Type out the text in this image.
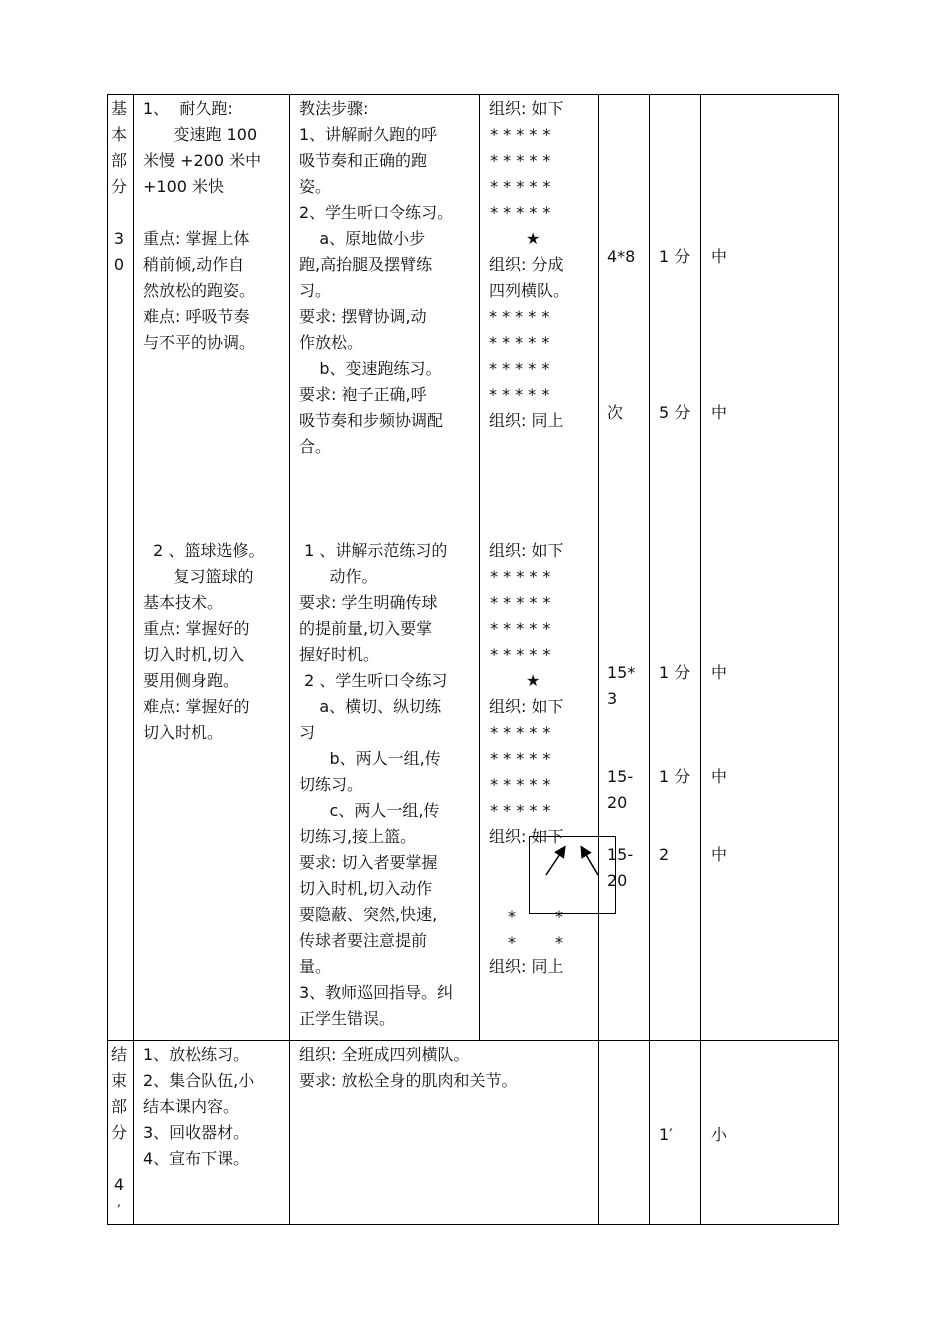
基
本
部
分

3
0
结
束
部
分

4
′
1、  耐久跑:
变速跑 100
米慢 +200 米中
+100 米快
重点: 掌握上体
稍前倾,动作自
然放松的跑姿。
难点: 呼吸节奏
与不平的协调。
2 、篮球选修。
复习篮球的
基本技术。
重点: 掌握好的
切入时机,切入
要用侧身跑。
难点: 掌握好的
切入时机。
教法步骤:
1、讲解耐久跑的呼
吸节奏和正确的跑
姿。
2、学生听口令练习。
a、原地做小步
跑,高抬腿及摆臂练
习。
要求: 摆臂协调,动
作放松。
b、变速跑练习。
要求: 袍子正确,呼
吸节奏和步频协调配
合。
1 、讲解示范练习的
动作。
要求: 学生明确传球
的提前量,切入要掌
握好时机。
2 、学生听口令练习
a、横切、纵切练
习
b、两人一组,传
切练习。
c、两人一组,传
切练习,接上篮。
要求: 切入者要掌握
切入时机,切入动作
要隐蔽、突然,快速,
传球者要注意提前
量。
3、教师巡回指导。纠
正学生错误。
组织: 如下
* * * * *
* * * * *
* * * * *
* * * * *
★
组织: 分成
四列横队。
* * * * *
* * * * *
* * * * *
* * * * *
组织: 同上
组织: 如下
* * * * *
* * * * *
* * * * *
* * * * *
★
组织: 如下
* * * * *
* * * * *
* * * * *
* * * * *
组织: 如下
* *
* *
组织: 同上
4*8
次
15*
3
15-
20
15-
20
1 分
5 分
1 分
1 分
2
1′
中
中
中
中
中
小
1、放松练习。
2、集合队伍,小
结本课内容。
3、回收器材。
4、宣布下课。
组织: 全班成四列横队。
要求: 放松全身的肌肉和关节。
